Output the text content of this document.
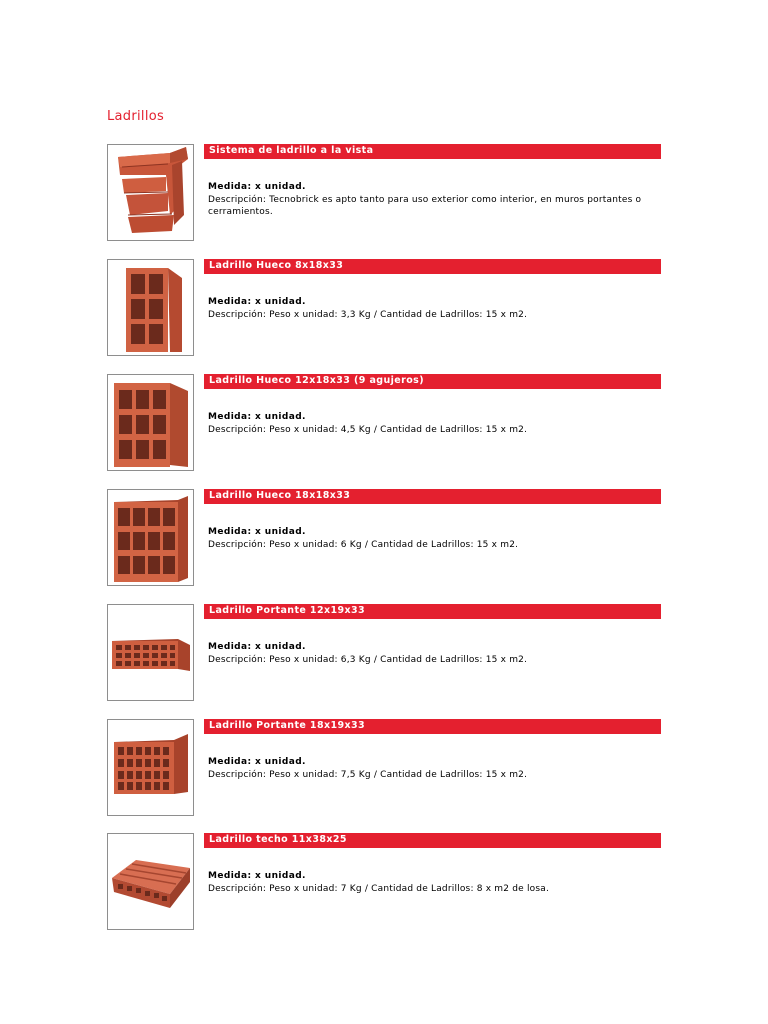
Ladrillos
Sistema de ladrillo a la vista
Medida: x unidad.
Descripción: Tecnobrick es apto tanto para uso exterior como interior, en muros portantes o cerramientos.
Ladrillo Hueco 8x18x33
Medida: x unidad.
Descripción: Peso x unidad: 3,3 Kg / Cantidad de Ladrillos: 15 x m2.
Ladrillo Hueco 12x18x33 (9 agujeros)
Medida: x unidad.
Descripción: Peso x unidad: 4,5 Kg / Cantidad de Ladrillos: 15 x m2.
Ladrillo Hueco 18x18x33
Medida: x unidad.
Descripción: Peso x unidad: 6 Kg / Cantidad de Ladrillos: 15 x m2.
Ladrillo Portante 12x19x33
Medida: x unidad.
Descripción: Peso x unidad: 6,3 Kg / Cantidad de Ladrillos: 15 x m2.
Ladrillo Portante 18x19x33
Medida: x unidad.
Descripción: Peso x unidad: 7,5 Kg / Cantidad de Ladrillos: 15 x m2.
Ladrillo techo 11x38x25
Medida: x unidad.
Descripción: Peso x unidad: 7 Kg / Cantidad de Ladrillos: 8 x m2 de losa.
